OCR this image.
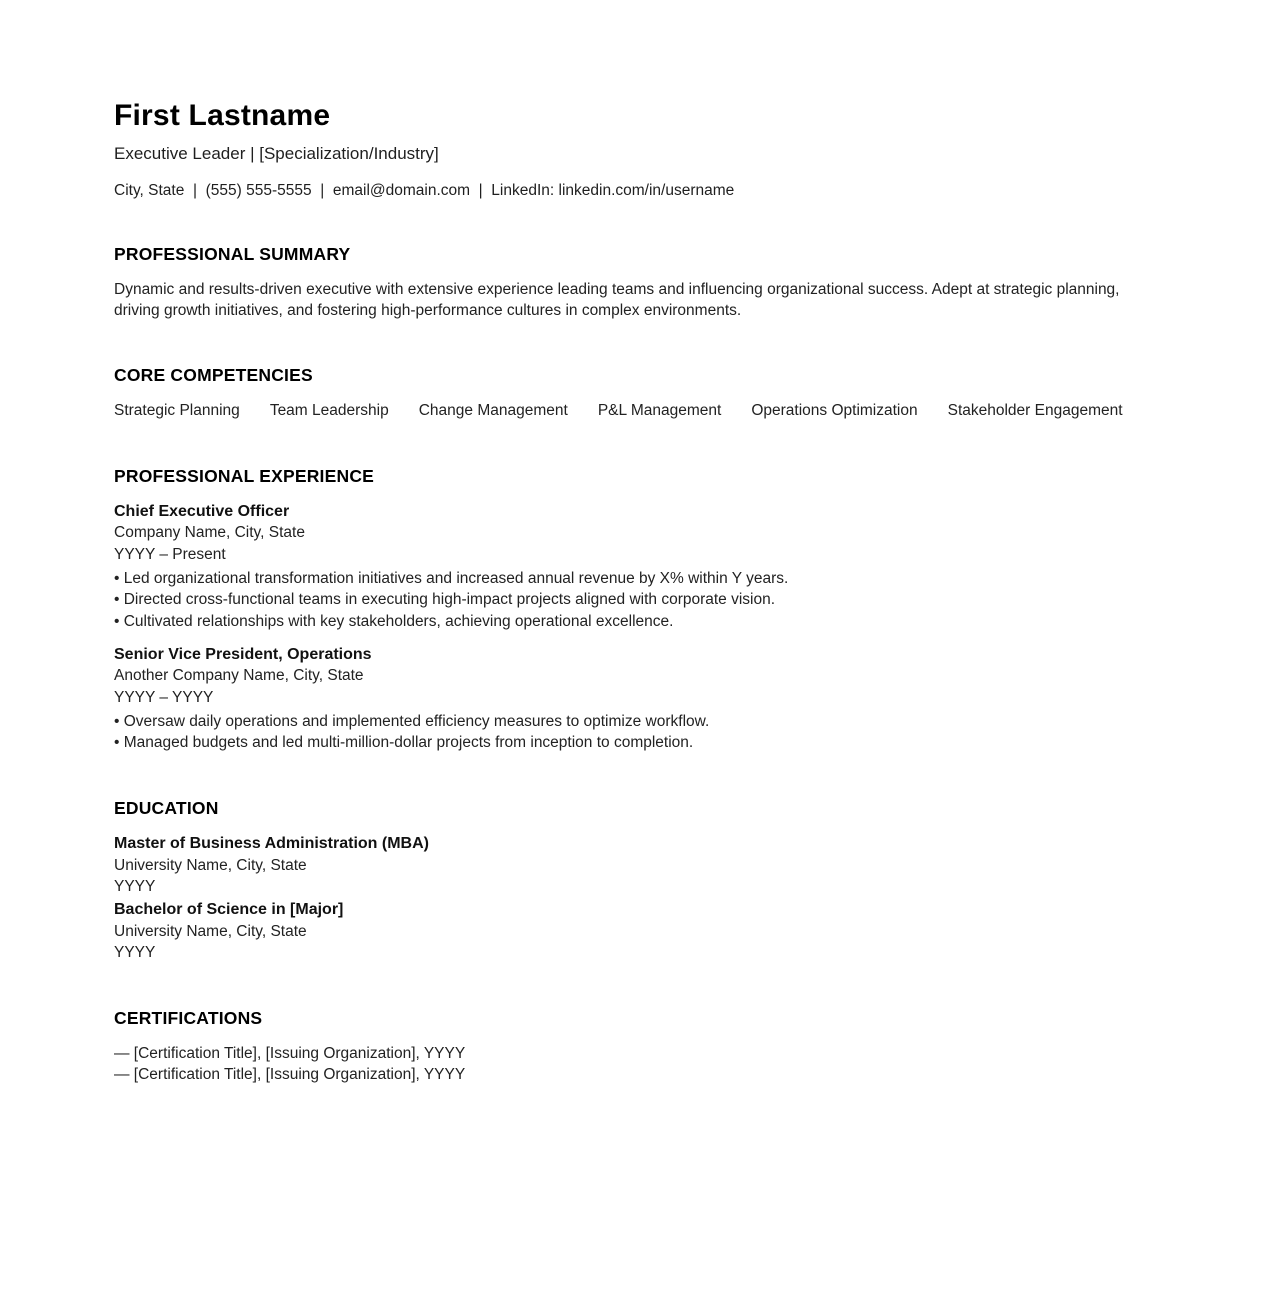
First Lastname
Executive Leader | [Specialization/Industry]
City, State  |  (555) 555-5555  |  email@domain.com  |  LinkedIn: linkedin.com/in/username
PROFESSIONAL SUMMARY
Dynamic and results-driven executive with extensive experience leading teams and influencing organizational success. Adept at strategic planning, driving growth initiatives, and fostering high-performance cultures in complex environments.
CORE COMPETENCIES
Strategic Planning Team Leadership Change Management P&L Management Operations Optimization Stakeholder Engagement
PROFESSIONAL EXPERIENCE
Chief Executive Officer
Company Name, City, State
YYYY – Present
• Led organizational transformation initiatives and increased annual revenue by X% within Y years.
• Directed cross-functional teams in executing high-impact projects aligned with corporate vision.
• Cultivated relationships with key stakeholders, achieving operational excellence.
Senior Vice President, Operations
Another Company Name, City, State
YYYY – YYYY
• Oversaw daily operations and implemented efficiency measures to optimize workflow.
• Managed budgets and led multi-million-dollar projects from inception to completion.
EDUCATION
Master of Business Administration (MBA)
University Name, City, State
YYYY
Bachelor of Science in [Major]
University Name, City, State
YYYY
CERTIFICATIONS
— [Certification Title], [Issuing Organization], YYYY
— [Certification Title], [Issuing Organization], YYYY
